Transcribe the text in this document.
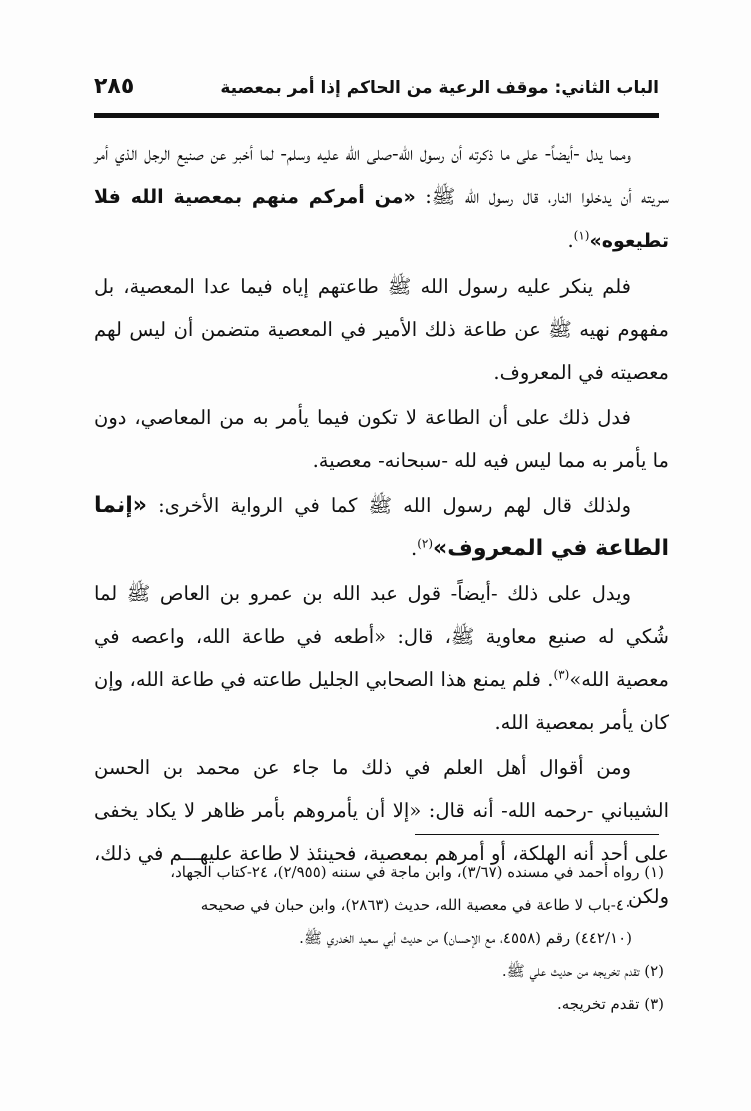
الباب الثاني: موقف الرعية من الحاكم إذا أمر بمعصية
٢٨٥

ومما يدل -أيضاً- على ما ذكرته أن رسول الله-صلى الله عليه وسلم- لما أخبر عن صنيع الرجل الذي أمر سريته أن يدخلوا النار، قال رسول الله ﷺ: «من أمركم منهم بمعصية الله فلا تطيعوه»$^{(١)}$.

فلم ينكر عليه رسول الله ﷺ طاعتهم إياه فيما عدا المعصية، بل مفهوم نهيه ﷺ عن طاعة ذلك الأمير في المعصية متضمن أن ليس لهم معصيته في المعروف.

فدل ذلك على أن الطاعة لا تكون فيما يأمر به من المعاصي، دون ما يأمر به مما ليس فيه لله -سبحانه- معصية.

ولذلك قال لهم رسول الله ﷺ كما في الرواية الأخرى: «إنما الطاعة في المعروف»$^{(٢)}$.

ويدل على ذلك -أيضاً- قول عبد الله بن عمرو بن العاص ﷺ لما شُكي له صنيع معاوية ﷺ، قال: «أطعه في طاعة الله، واعصه في معصية الله»$^{(٣)}$. فلم يمنع هذا الصحابي الجليل طاعته في طاعة الله، وإن كان يأمر بمعصية الله.

ومن أقوال أهل العلم في ذلك ما جاء عن محمد بن الحسن الشيباني -رحمه الله- أنه قال: «إلا أن يأمروهم بأمر ظاهر لا يكاد يخفى على أحد أنه الهلكة، أو أمرهم بمعصية، فحينئذ لا طاعة عليهـــم في ذلك، ولكن

(١) رواه أحمد في مسنده (٣/٦٧)، وابن ماجة في سننه (٢/٩٥٥)، ٢٤-كتاب الجهاد،

٤٠-باب لا طاعة في معصية الله، حديث (٢٨٦٣)، وابن حبان في صحيحه

(٤٤٢/١٠) رقم (٤٥٥٨، مع الإحسان) من حديث أبي سعيد الخدري ﷺ.

(٢) تقدم تخريجه من حديث علي ﷺ.

(٣) تقدم تخريجه.
